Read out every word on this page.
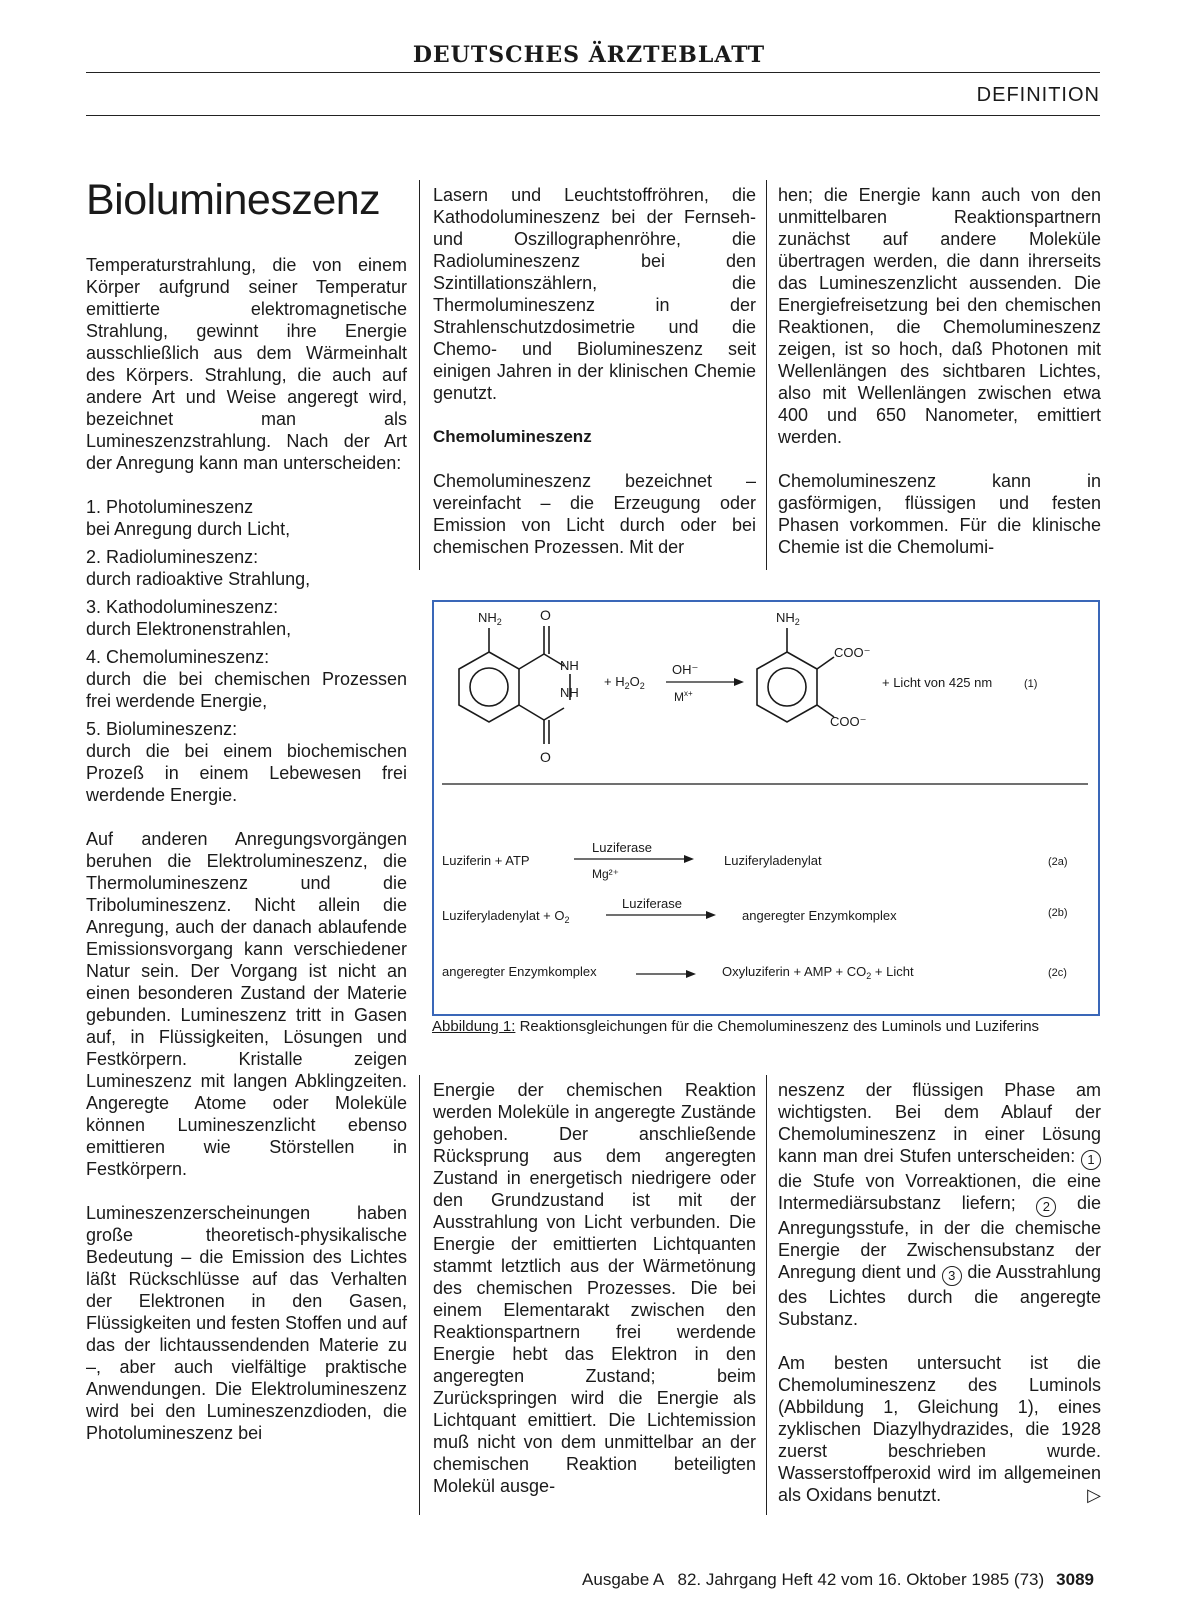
DEUTSCHES ÄRZTEBLATT
DEFINITION
Biolumineszenz

Temperaturstrahlung, die von einem Körper aufgrund seiner Temperatur emittierte elektromagnetische Strahlung, gewinnt ihre Energie ausschließlich aus dem Wärmeinhalt des Körpers. Strahlung, die auch auf andere Art und Weise angeregt wird, bezeichnet man als Lumineszenzstrahlung. Nach der Art der Anregung kann man unterscheiden:

1. Photolumineszenz
bei Anregung durch Licht,
2. Radiolumineszenz:
durch radioaktive Strahlung,
3. Kathodolumineszenz:
durch Elektronenstrahlen,
4. Chemolumineszenz:
durch die bei chemischen Prozessen frei werdende Energie,
5. Biolumineszenz:
durch die bei einem biochemischen Prozeß in einem Lebewesen frei werdende Energie.

Auf anderen Anregungsvorgängen beruhen die Elektrolumineszenz, die Thermolumineszenz und die Tribolumineszenz. Nicht allein die Anregung, auch der danach ablaufende Emissionsvorgang kann verschiedener Natur sein. Der Vorgang ist nicht an einen besonderen Zustand der Materie gebunden. Lumineszenz tritt in Gasen auf, in Flüssigkeiten, Lösungen und Festkörpern. Kristalle zeigen Lumineszenz mit langen Abklingzeiten. Angeregte Atome oder Moleküle können Lumineszenzlicht ebenso emittieren wie Störstellen in Festkörpern.

Lumineszenzerscheinungen haben große theoretisch-physikalische Bedeutung – die Emission des Lichtes läßt Rückschlüsse auf das Verhalten der Elektronen in den Gasen, Flüssigkeiten und festen Stoffen und auf das der lichtaussendenden Materie zu –, aber auch vielfältige praktische Anwendungen. Die Elektrolumineszenz wird bei den Lumineszenzdioden, die Photolumineszenz bei

Lasern und Leuchtstoffröhren, die Kathodolumineszenz bei der Fernseh- und Oszillographenröhre, die Radiolumineszenz bei den Szintillationszählern, die Thermolumineszenz in der Strahlenschutzdosimetrie und die Chemo- und Biolumineszenz seit einigen Jahren in der klinischen Chemie genutzt.

Chemolumineszenz

Chemolumineszenz bezeichnet – vereinfacht – die Erzeugung oder Emission von Licht durch oder bei chemischen Prozessen. Mit der

hen; die Energie kann auch von den unmittelbaren Reaktionspartnern zunächst auf andere Moleküle übertragen werden, die dann ihrerseits das Lumineszenzlicht aussenden. Die Energiefreisetzung bei den chemischen Reaktionen, die Chemolumineszenz zeigen, ist so hoch, daß Photonen mit Wellenlängen des sichtbaren Lichtes, also mit Wellenlängen zwischen etwa 400 und 650 Nanometer, emittiert werden.

Chemolumineszenz kann in gasförmigen, flüssigen und festen Phasen vorkommen. Für die klinische Chemie ist die Chemolumi-

$NH_2$	O
NH
NH
O
+ $H_2O_2$
OH⁻
$M^{x+}$
$NH_2$
COO⁻
COO⁻
+ Licht von 425 nm	(1)
Luziferin + ATP
Luziferase
Mg²⁺
Luziferyladenylat	(2a)
Luziferyladenylat + $O_2$
Luziferase
angeregter Enzymkomplex	(2b)
angeregter Enzymkomplex	Oxyluziferin + AMP + $CO_2$ + Licht	(2c)
Abbildung 1: Reaktionsgleichungen für die Chemolumineszenz des Luminols und Luziferins

Energie der chemischen Reaktion werden Moleküle in angeregte Zustände gehoben. Der anschließende Rücksprung aus dem angeregten Zustand in energetisch niedrigere oder den Grundzustand ist mit der Ausstrahlung von Licht verbunden. Die Energie der emittierten Lichtquanten stammt letztlich aus der Wärmetönung des chemischen Prozesses. Die bei einem Elementarakt zwischen den Reaktionspartnern frei werdende Energie hebt das Elektron in den angeregten Zustand; beim Zurückspringen wird die Energie als Lichtquant emittiert. Die Lichtemission muß nicht von dem unmittelbar an der chemischen Reaktion beteiligten Molekül ausge-

neszenz der flüssigen Phase am wichtigsten. Bei dem Ablauf der Chemolumineszenz in einer Lösung kann man drei Stufen unterscheiden: 1 die Stufe von Vorreaktionen, die eine Intermediärsubstanz liefern; 2 die Anregungsstufe, in der die chemische Energie der Zwischensubstanz der Anregung dient und 3 die Ausstrahlung des Lichtes durch die angeregte Substanz.

Am besten untersucht ist die Chemolumineszenz des Luminols (Abbildung 1, Gleichung 1), eines zyklischen Diazylhydrazides, die 1928 zuerst beschrieben wurde. Wasserstoffperoxid wird im allgemeinen als Oxidans benutzt.	▷

Ausgabe A   82. Jahrgang Heft 42 vom 16. Oktober 1985 (73) 3089
